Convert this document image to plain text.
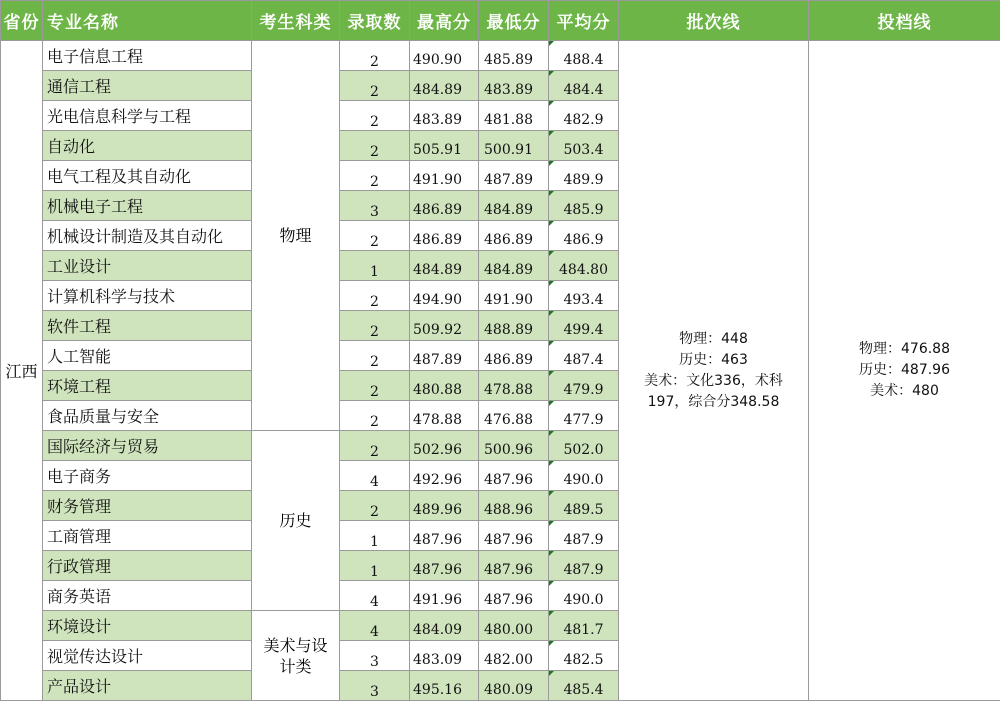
省份	专业名称	考生科类	录取数	最高分	最低分	平均分	批次线	投档线
江西	电子信息工程	物理	2	490.90	485.89	488.4	物理：448
历史：463
美术：文化336，术科
197，综合分348.58	物理：476.88
历史：487.96
美术：480

	通信工程		2	484.89	483.89	484.4		
	光电信息科学与工程		2	483.89	481.88	482.9		
	自动化		2	505.91	500.91	503.4		
	电气工程及其自动化		2	491.90	487.89	489.9		
	机械电子工程		3	486.89	484.89	485.9		
	机械设计制造及其自动化		2	486.89	486.89	486.9		
	工业设计		1	484.89	484.89	484.80		
	计算机科学与技术		2	494.90	491.90	493.4		
	软件工程		2	509.92	488.89	499.4		
	人工智能		2	487.89	486.89	487.4		
	环境工程		2	480.88	478.88	479.9		
	食品质量与安全		2	478.88	476.88	477.9		
	国际经济与贸易	历史	2	502.96	500.96	502.0		
	电子商务		4	492.96	487.96	490.0		
	财务管理		2	489.96	488.96	489.5		
	工商管理		1	487.96	487.96	487.9		
	行政管理		1	487.96	487.96	487.9		
	商务英语		4	491.96	487.96	490.0		
	环境设计	美术与设计类	4	484.09	480.00	481.7		
	视觉传达设计		3	483.09	482.00	482.5		
	产品设计		3	495.16	480.09	485.4		
